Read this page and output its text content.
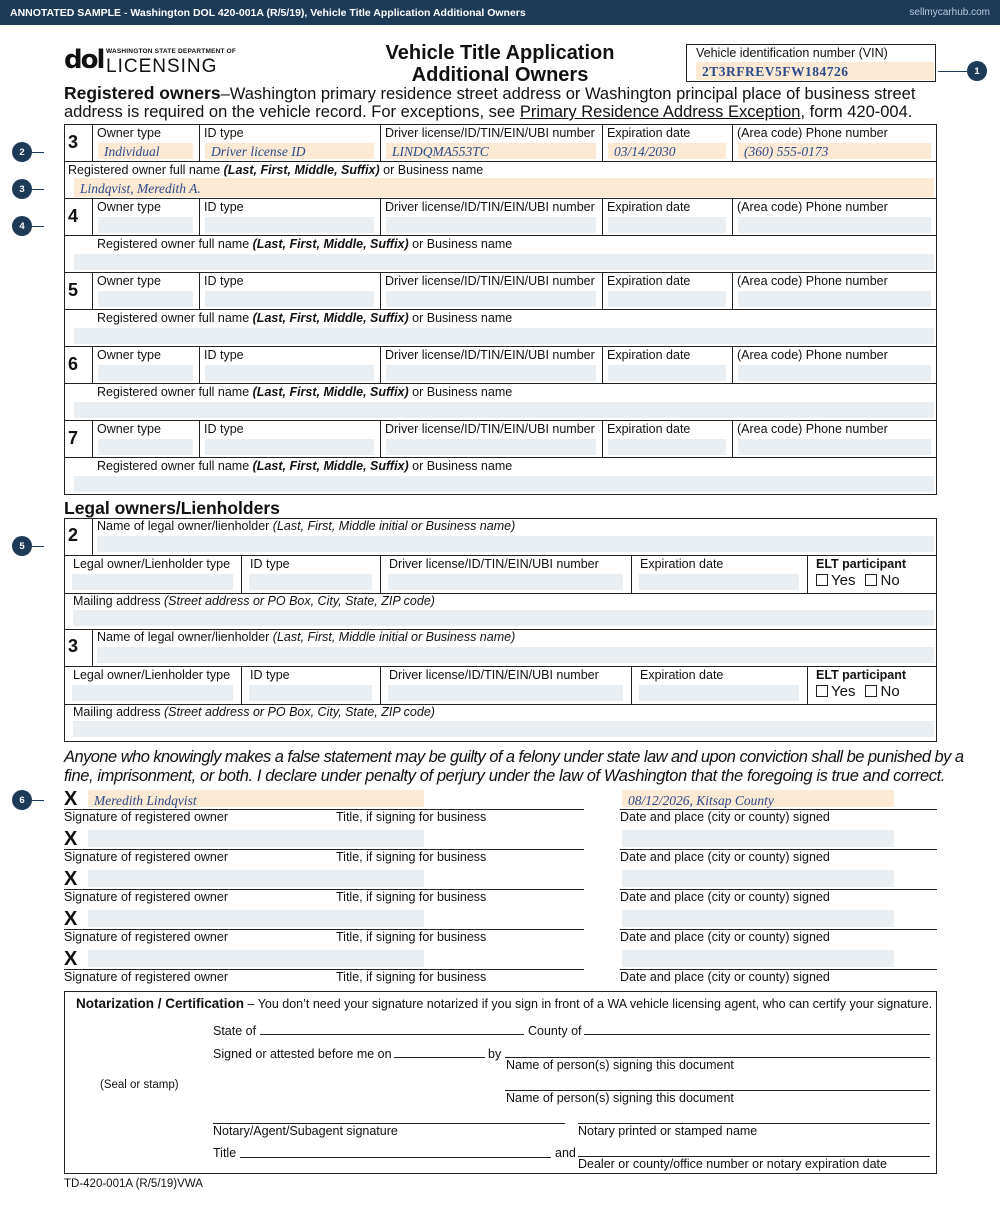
ANNOTATED SAMPLE - Washington DOL 420-001A (R/5/19), Vehicle Title Application Additional Owners	sellmycarhub.com
dol WASHINGTON STATE DEPARTMENT OF
LICENSING
Vehicle Title Application
Additional Owners
Vehicle identification number (VIN)
2T3RFREV5FW184726
Registered owners–Washington primary residence street address or Washington principal place of business street
address is required on the vehicle record. For exceptions, see Primary Residence Address Exception, form 420-004.
3 Owner type
Individual
ID type
Driver license ID
Driver license/ID/TIN/EIN/UBI number
LINDQMA553TC
Expiration date
03/14/2030
(Area code) Phone number
(360) 555-0173
Registered owner full name (Last, First, Middle, Suffix) or Business name
Lindqvist, Meredith A.
4 Owner type	ID type	Driver license/ID/TIN/EIN/UBI number Expiration date	(Area code) Phone number
Registered owner full name (Last, First, Middle, Suffix) or Business name
5 Owner type	ID type	Driver license/ID/TIN/EIN/UBI number Expiration date	(Area code) Phone number
Registered owner full name (Last, First, Middle, Suffix) or Business name
6 Owner type	ID type	Driver license/ID/TIN/EIN/UBI number Expiration date	(Area code) Phone number
Registered owner full name (Last, First, Middle, Suffix) or Business name
7 Owner type	ID type	Driver license/ID/TIN/EIN/UBI number Expiration date	(Area code) Phone number
Registered owner full name (Last, First, Middle, Suffix) or Business name
Legal owners/Lienholders
2 Name of legal owner/lienholder (Last, First, Middle initial or Business name)
Legal owner/Lienholder type ID type	Driver license/ID/TIN/EIN/UBI number	Expiration date	ELT participant
Yes No
Mailing address (Street address or PO Box, City, State, ZIP code)
3 Name of legal owner/lienholder (Last, First, Middle initial or Business name)
Legal owner/Lienholder type ID type	Driver license/ID/TIN/EIN/UBI number	Expiration date	ELT participant
Yes No
Mailing address (Street address or PO Box, City, State, ZIP code)
Anyone who knowingly makes a false statement may be guilty of a felony under state law and upon conviction shall be punished by a
fine, imprisonment, or both. I declare under penalty of perjury under the law of Washington that the foregoing is true and correct.
X Meredith Lindqvist	08/12/2026, Kitsap County
Signature of registered owner	Title, if signing for business	Date and place (city or county) signed
X
Signature of registered owner	Title, if signing for business	Date and place (city or county) signed
X
Signature of registered owner	Title, if signing for business	Date and place (city or county) signed
X
Signature of registered owner	Title, if signing for business	Date and place (city or county) signed
X
Signature of registered owner	Title, if signing for business	Date and place (city or county) signed
Notarization / Certification – You don’t need your signature notarized if you sign in front of a WA vehicle licensing agent, who can certify your signature.
State of	County of
Signed or attested before me on	by
Name of person(s) signing this document
(Seal or stamp)
Name of person(s) signing this document
Notary/Agent/Subagent signature	Notary printed or stamped name
Title	and
Dealer or county/office number or notary expiration date
TD-420-001A (R/5/19)VWA
1
2
3
4
5
6
